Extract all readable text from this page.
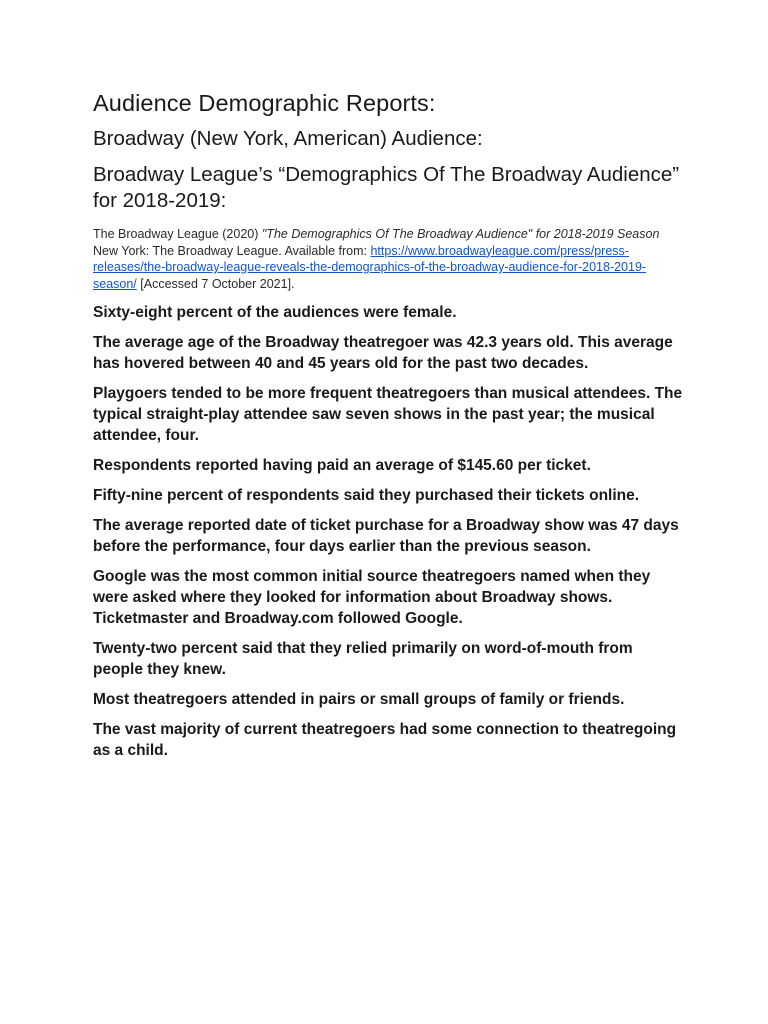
Audience Demographic Reports:
Broadway (New York, American) Audience:
Broadway League’s “Demographics Of The Broadway Audience” for 2018-2019:
The Broadway League (2020) "The Demographics Of The Broadway Audience" for 2018-2019 Season New York: The Broadway League. Available from: https://www.broadwayleague.com/press/press-releases/the-broadway-league-reveals-the-demographics-of-the-broadway-audience-for-2018-2019-season/ [Accessed 7 October 2021].
Sixty-eight percent of the audiences were female.
The average age of the Broadway theatregoer was 42.3 years old. This average has hovered between 40 and 45 years old for the past two decades.
Playgoers tended to be more frequent theatregoers than musical attendees. The typical straight-play attendee saw seven shows in the past year; the musical attendee, four.
Respondents reported having paid an average of $145.60 per ticket.
Fifty-nine percent of respondents said they purchased their tickets online.
The average reported date of ticket purchase for a Broadway show was 47 days before the performance, four days earlier than the previous season.
Google was the most common initial source theatregoers named when they were asked where they looked for information about Broadway shows. Ticketmaster and Broadway.com followed Google.
Twenty-two percent said that they relied primarily on word-of-mouth from people they knew.
Most theatregoers attended in pairs or small groups of family or friends.
The vast majority of current theatregoers had some connection to theatregoing as a child.
